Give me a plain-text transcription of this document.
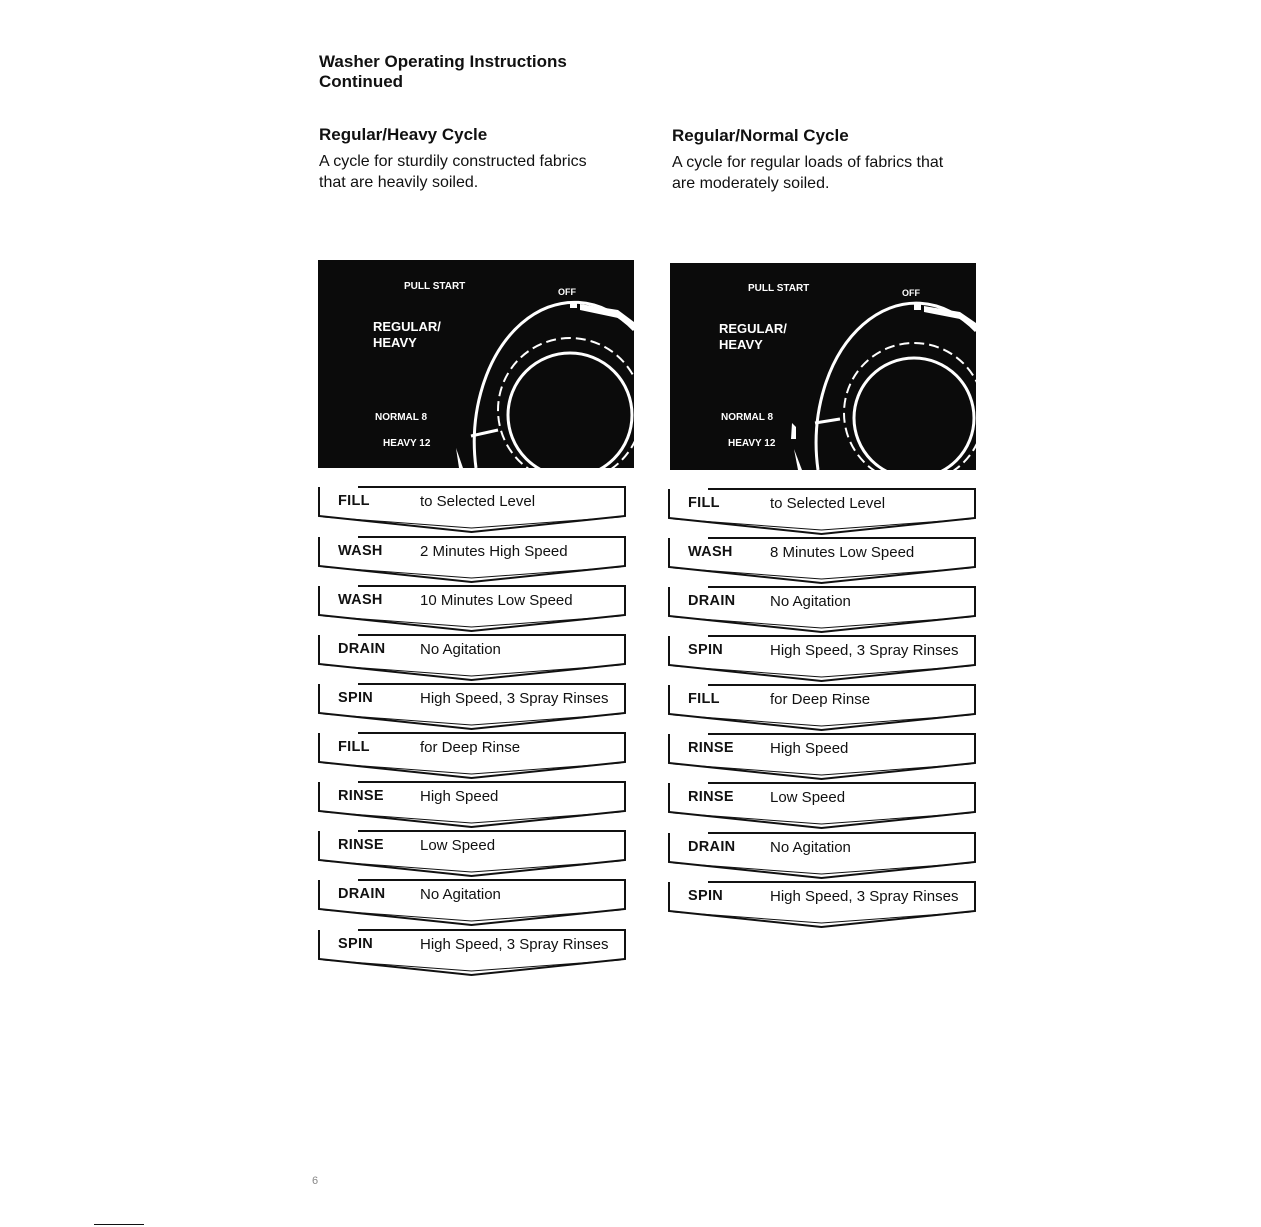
Washer Operating Instructions
Continued
Regular/Heavy Cycle
A cycle for sturdily constructed fabrics
that are heavily soiled.
Regular/Normal Cycle
A cycle for regular loads of fabrics that
are moderately soiled.
PULL START	OFF
REGULAR/
HEAVY
NORMAL 8
HEAVY 12
PULL START	OFF
REGULAR/
HEAVY
NORMAL 8
HEAVY 12
FILL	to Selected Level
WASH 2 Minutes High Speed
WASH 10 Minutes Low Speed
DRAIN No Agitation
SPIN	High Speed, 3 Spray Rinses
FILL	for Deep Rinse
RINSE High Speed
RINSE Low Speed
DRAIN No Agitation
SPIN	High Speed, 3 Spray Rinses
FILL	to Selected Level
WASH 8 Minutes Low Speed
DRAIN No Agitation
SPIN	High Speed, 3 Spray Rinses
FILL	for Deep Rinse
RINSE High Speed
RINSE Low Speed
DRAIN No Agitation
SPIN	High Speed, 3 Spray Rinses
6
